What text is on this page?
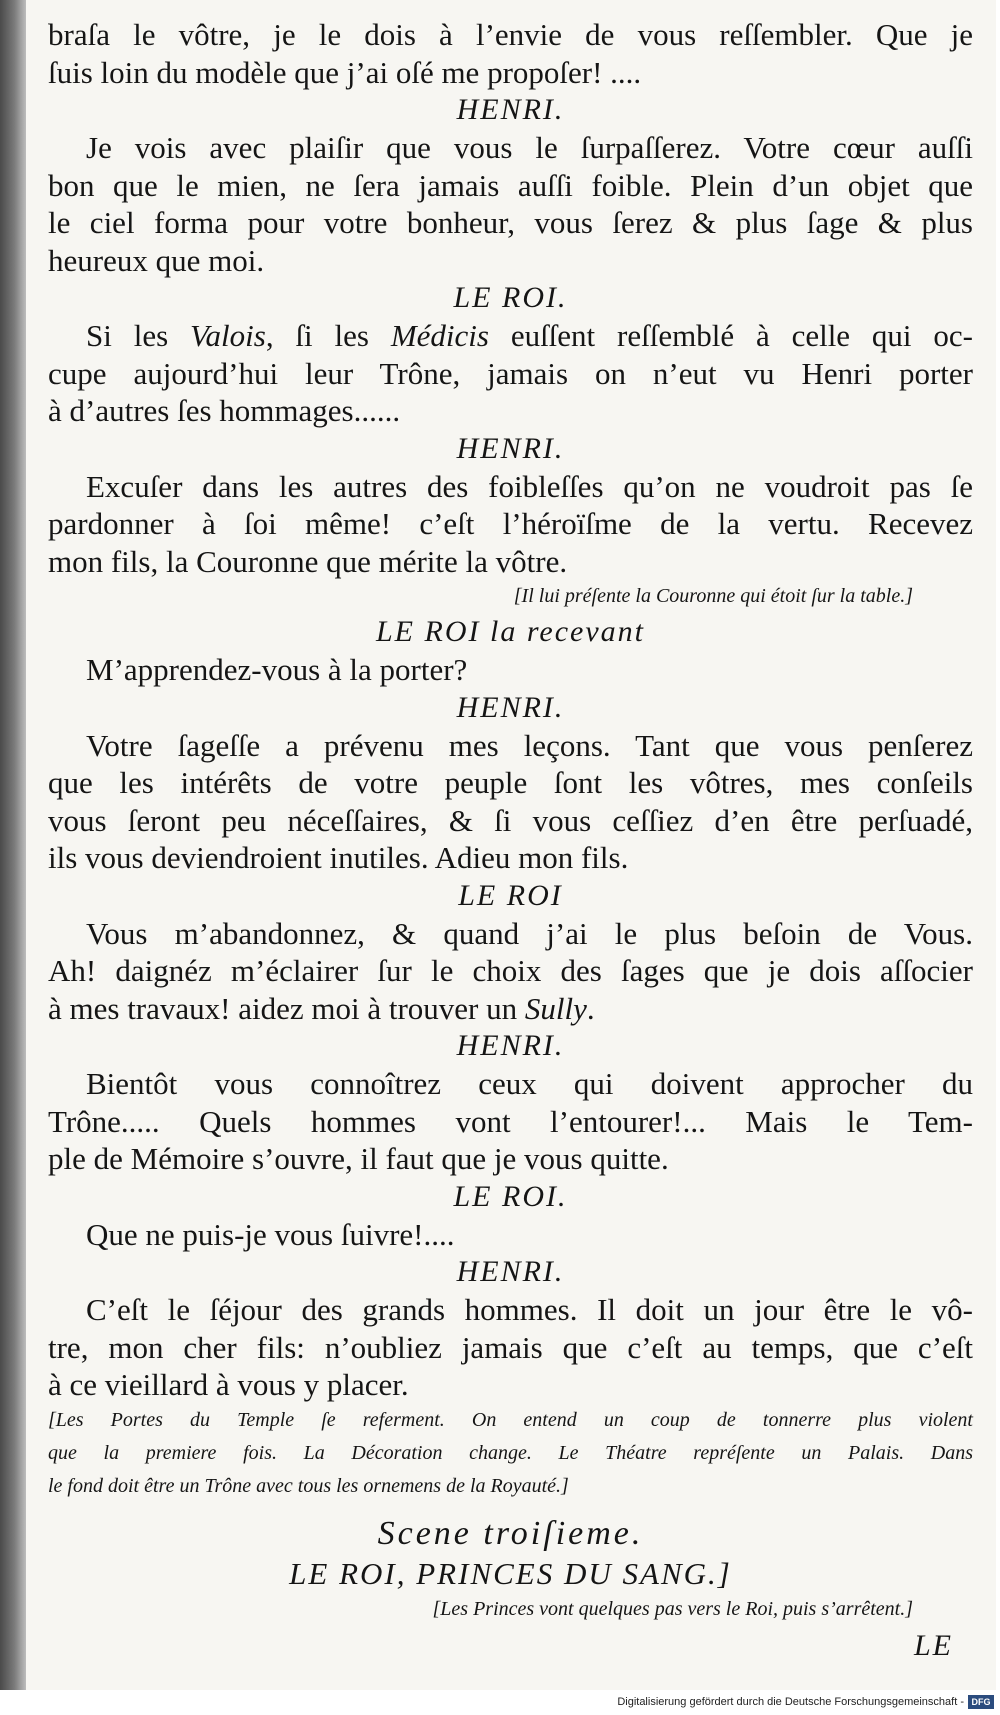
braſa le vôtre, je le dois à l’envie de vous reſſembler. Que je
ſuis loin du modèle que j’ai oſé me propoſer! ....
HENRI.
Je vois avec plaiſir que vous le ſurpaſſerez. Votre cœur auſſi
bon que le mien, ne ſera jamais auſſi foible. Plein d’un objet que
le ciel forma pour votre bonheur, vous ſerez & plus ſage & plus
heureux que moi.
LE ROI.
Si les Valois, ſi les Médicis euſſent reſſemblé à celle qui oc-
cupe aujourd’hui leur Trône, jamais on n’eut vu Henri porter
à d’autres ſes hommages......
HENRI.
Excuſer dans les autres des foibleſſes qu’on ne voudroit pas ſe
pardonner à ſoi même! c’eſt l’héroïſme de la vertu. Recevez
mon fils, la Couronne que mérite la vôtre.
[Il lui préſente la Couronne qui étoit ſur la table.]
LE ROI la recevant
M’apprendez-vous à la porter?
HENRI.
Votre ſageſſe a prévenu mes leçons. Tant que vous penſerez
que les intérêts de votre peuple ſont les vôtres, mes conſeils
vous ſeront peu néceſſaires, & ſi vous ceſſiez d’en être perſuadé,
ils vous deviendroient inutiles. Adieu mon fils.
LE ROI
Vous m’abandonnez, & quand j’ai le plus beſoin de Vous.
Ah! daignéz m’éclairer ſur le choix des ſages que je dois aſſocier
à mes travaux! aidez moi à trouver un Sully.
HENRI.
Bientôt vous connoîtrez ceux qui doivent approcher du
Trône..... Quels hommes vont l’entourer!... Mais le Tem-
ple de Mémoire s’ouvre, il faut que je vous quitte.
LE ROI.
Que ne puis-je vous ſuivre!....
HENRI.
C’eſt le ſéjour des grands hommes. Il doit un jour être le vô-
tre, mon cher fils: n’oubliez jamais que c’eſt au temps, que c’eſt
à ce vieillard à vous y placer.
[Les Portes du Temple ſe referment. On entend un coup de tonnerre plus violent
que la premiere fois. La Décoration change. Le Théatre repréſente un Palais. Dans
le fond doit être un Trône avec tous les ornemens de la Royauté.]
Scene troiſieme.
LE ROI, PRINCES DU SANG.]
[Les Princes vont quelques pas vers le Roi, puis s’arrêtent.]
LE
Digitalisierung gefördert durch die Deutsche Forschungsgemeinschaft - DFG
